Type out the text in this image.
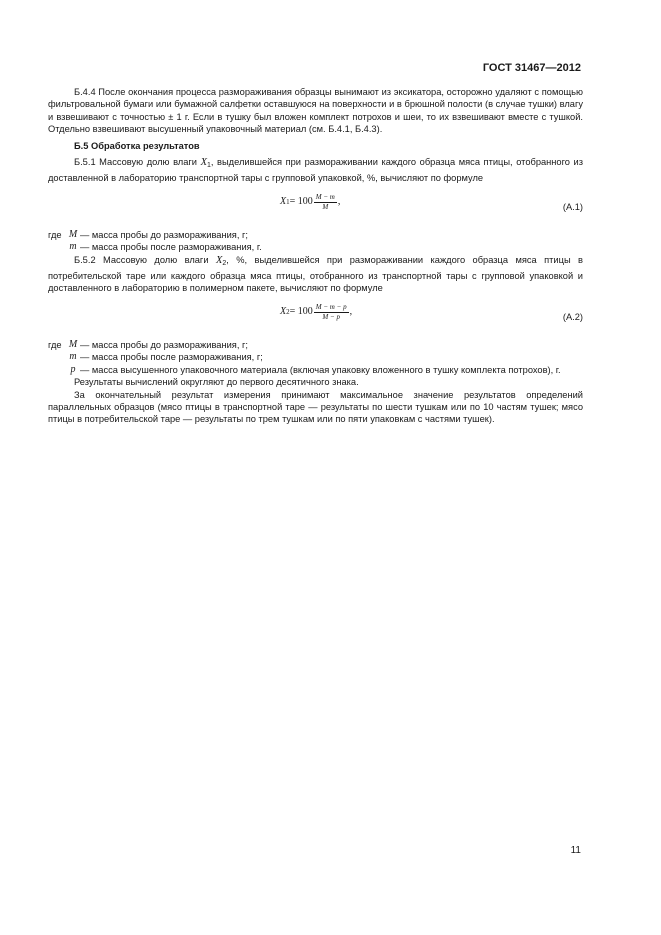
ГОСТ 31467—2012

Б.4.4 После окончания процесса размораживания образцы вынимают из эксикатора, осторожно удаляют с помощью фильтровальной бумаги или бумажной салфетки оставшуюся на поверхности и в брюшной полости (в случае тушки) влагу и взвешивают с точностью ± 1 г. Если в тушку был вложен комплект потрохов и шеи, то их взвешивают вместе с тушкой. Отдельно взвешивают высушенный упаковочный материал (см. Б.4.1, Б.4.3).

Б.5 Обработка результатов

Б.5.1 Массовую долю влаги $X_1$, выделившейся при размораживании каждого образца мяса птицы, отобранного из доставленной в лабораторию транспортной тары с групповой упаковкой, %, вычисляют по формуле

X $1 = 100 \frac{M - m}{M}$ ,	(А.1)
где M — масса пробы до размораживания, г;
m — масса пробы после размораживания, г.

Б.5.2 Массовую долю влаги $X_2$, %, выделившейся при размораживании каждого образца мяса птицы в потребительской таре или каждого образца мяса птицы, отобранного из транспортной тары с групповой упаковкой и доставленного в лабораторию в полимерном пакете, вычисляют по формуле

X $2 = 100 \frac{M - m - p}{M - p}$ ,	(А.2)
где M — масса пробы до размораживания, г;
m — масса пробы после размораживания, г;
p — масса высушенного упаковочного материала (включая упаковку вложенного в тушку комплекта потрохов), г.

Результаты вычислений округляют до первого десятичного знака.

За окончательный результат измерения принимают максимальное значение результатов определений параллельных образцов (мясо птицы в транспортной таре — результаты по шести тушкам или по 10 частям тушек; мясо птицы в потребительской таре — результаты по трем тушкам или по пяти упаковкам с частями тушек).

11
